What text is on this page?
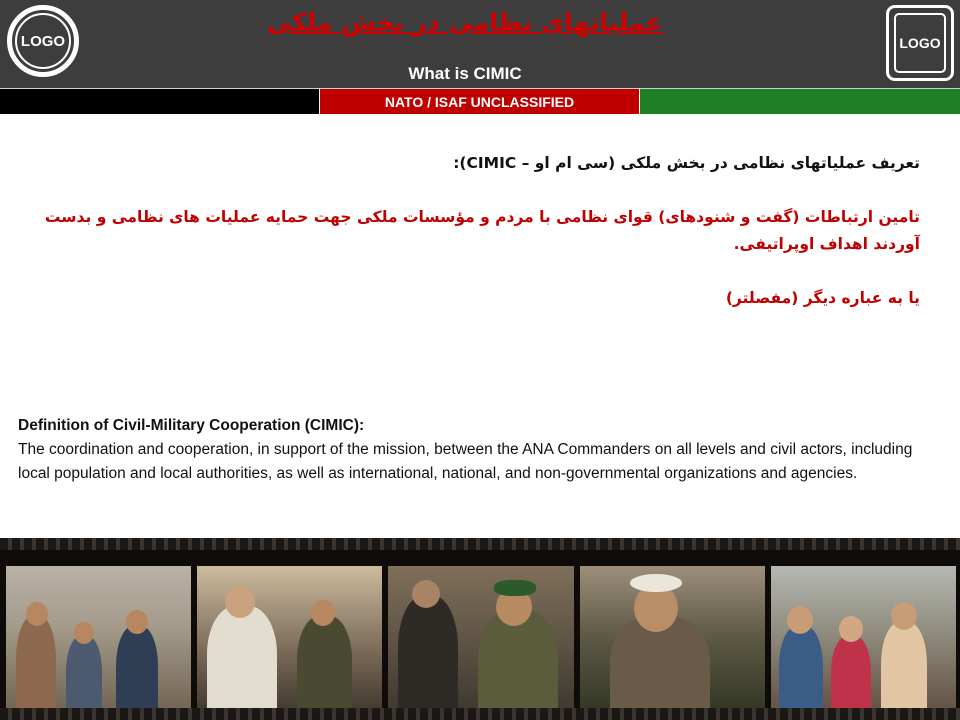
LOGO
عملیاتهای نظامی در بخش ملکی
What is CIMIC
LOGO
NATO / ISAF UNCLASSIFIED

تعریف عملیاتهای نظامی در بخش ملکی (سی ام او – CIMIC):

تامین ارتباطات (گفت و شنودهای) قوای نظامی با مردم و مؤسسات ملکی جهت حمایه عملیات های نظامی و بدست آوردند اهداف اوپراتیفی.

یا به عباره دیگر (مفصلتر)

Definition of Civil-Military Cooperation (CIMIC):

The coordination and cooperation, in support of the mission, between the ANA Commanders on all levels and civil actors, including local population and local authorities, as well as international, national, and non-governmental organizations and agencies.
